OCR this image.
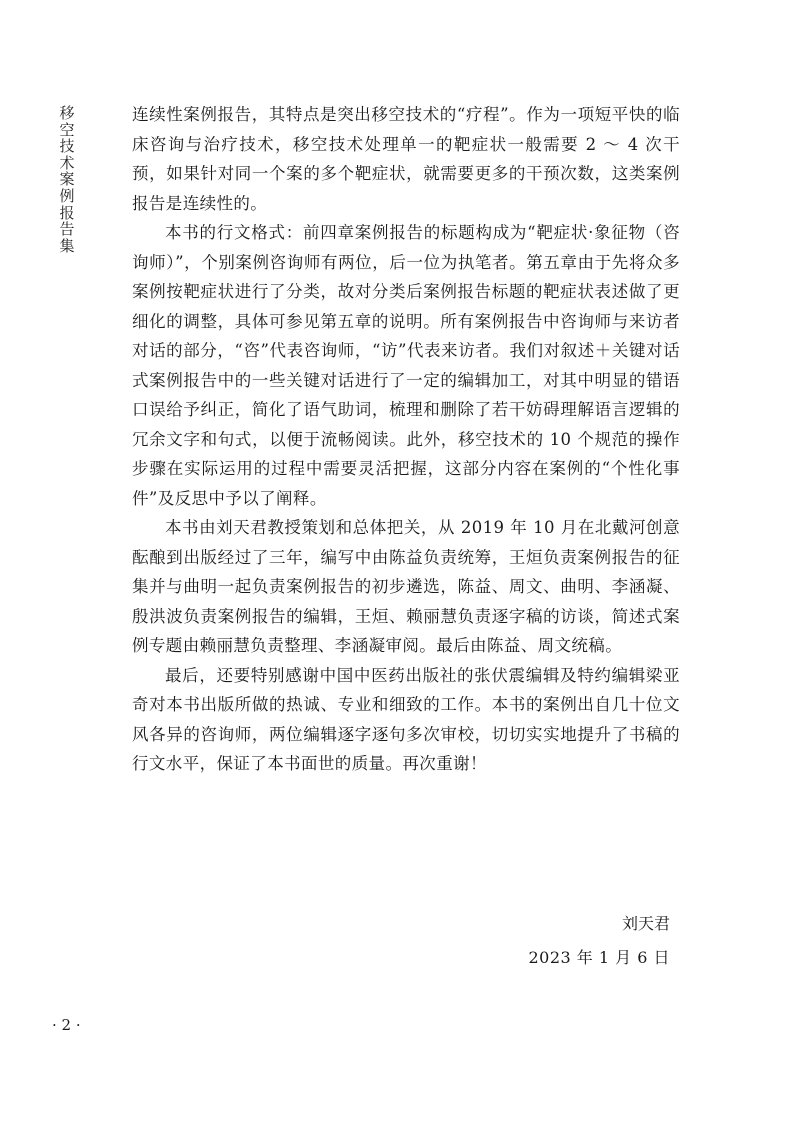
移空技术案例报告集

连续性案例报告，其特点是突出移空技术的“疗程”。作为一项短平快的临床咨询与治疗技术，移空技术处理单一的靶症状一般需要 2 ～ 4 次干预，如果针对同一个案的多个靶症状，就需要更多的干预次数，这类案例报告是连续性的。

本书的行文格式：前四章案例报告的标题构成为“靶症状·象征物（咨询师）”，个别案例咨询师有两位，后一位为执笔者。第五章由于先将众多案例按靶症状进行了分类，故对分类后案例报告标题的靶症状表述做了更细化的调整，具体可参见第五章的说明。所有案例报告中咨询师与来访者对话的部分，“咨”代表咨询师，“访”代表来访者。我们对叙述＋关键对话式案例报告中的一些关键对话进行了一定的编辑加工，对其中明显的错语口误给予纠正，简化了语气助词，梳理和删除了若干妨碍理解语言逻辑的冗余文字和句式，以便于流畅阅读。此外，移空技术的 10 个规范的操作步骤在实际运用的过程中需要灵活把握，这部分内容在案例的“个性化事件”及反思中予以了阐释。

本书由刘天君教授策划和总体把关，从 2019 年 10 月在北戴河创意酝酿到出版经过了三年，编写中由陈益负责统筹，王烜负责案例报告的征集并与曲明一起负责案例报告的初步遴选，陈益、周文、曲明、李涵凝、殷洪波负责案例报告的编辑，王烜、赖丽慧负责逐字稿的访谈，简述式案例专题由赖丽慧负责整理、李涵凝审阅。最后由陈益、周文统稿。

最后，还要特别感谢中国中医药出版社的张伏震编辑及特约编辑梁亚奇对本书出版所做的热诚、专业和细致的工作。本书的案例出自几十位文风各异的咨询师，两位编辑逐字逐句多次审校，切切实实地提升了书稿的行文水平，保证了本书面世的质量。再次重谢！

刘天君
2023 年 1 月 6 日
· 2 ·
